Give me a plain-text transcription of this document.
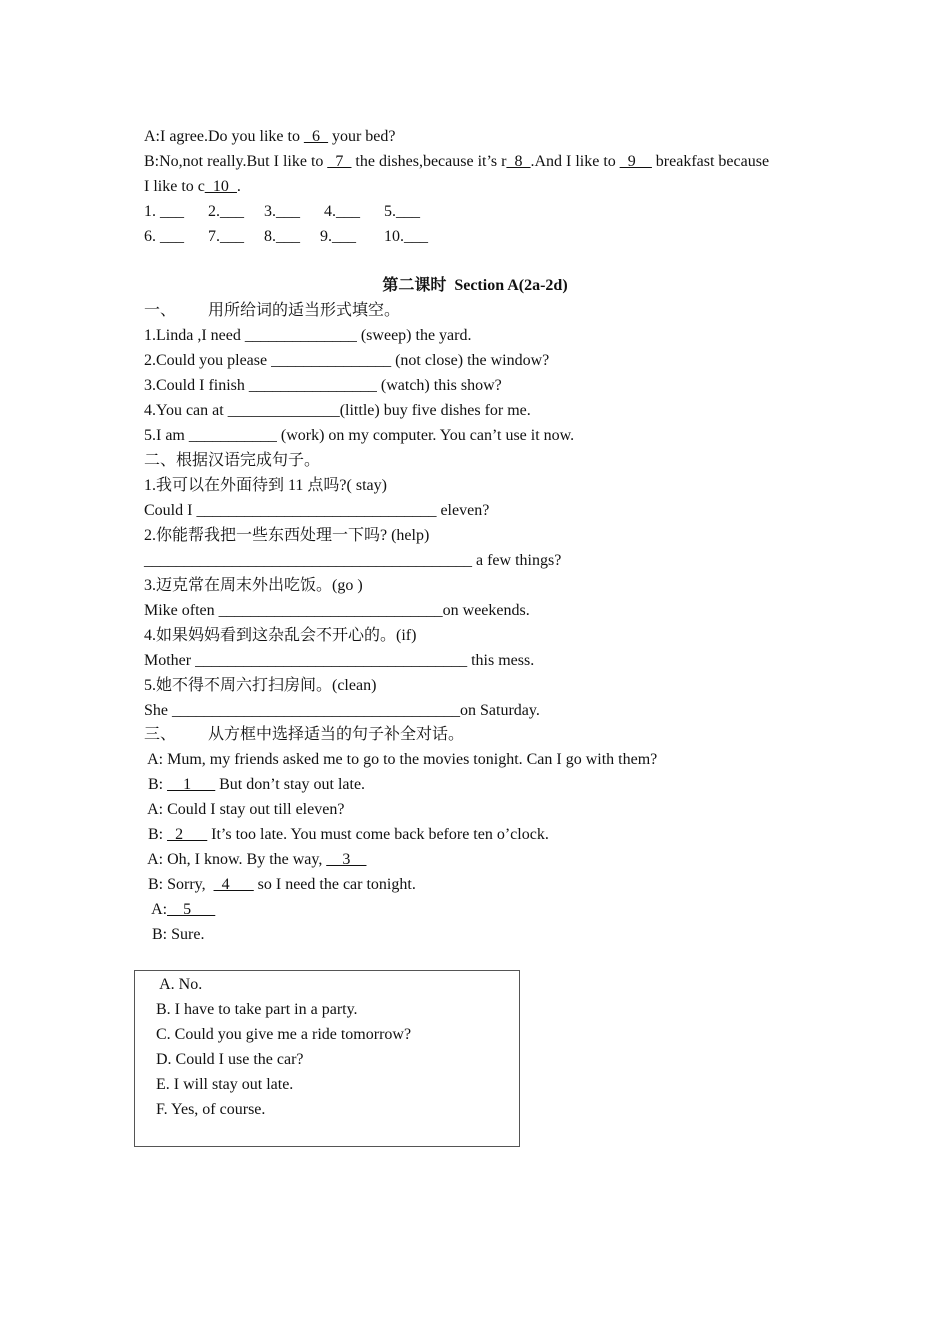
A:I agree.Do you like to _6_ your bed?
B:No,not really.But I like to _7_ the dishes,because it’s r_8_.And I like to _9__ breakfast because
I like to c_10_.
1. ___      2.___     3.___      4.___      5.___
6. ___      7.___     8.___     9.___       10.___
第二课时  Section A(2a-2d)
一、        用所给词的适当形式填空。
1.Linda ,I need ______________ (sweep) the yard.
2.Could you please _______________ (not close) the window?
3.Could I finish ________________ (watch) this show?
4.You can at ______________(little) buy five dishes for me.
5.I am ___________ (work) on my computer. You can’t use it now.
二、根据汉语完成句子。
1.我可以在外面待到 11 点吗?( stay)
Could I ______________________________ eleven?
2.你能帮我把一些东西处理一下吗? (help)
_________________________________________ a few things?
3.迈克常在周末外出吃饭。(go )
Mike often ____________________________on weekends.
4.如果妈妈看到这杂乱会不开心的。(if)
Mother __________________________________ this mess.
5.她不得不周六打扫房间。(clean)
She ____________________________________on Saturday.
三、        从方框中选择适当的句子补全对话。
A: Mum, my friends asked me to go to the movies tonight. Can I go with them?
B: __1___ But don’t stay out late.
A: Could I stay out till eleven?
B: _2___ It’s too late. You must come back before ten o’clock.
A: Oh, I know. By the way, __3__
B: Sorry,  _4___ so I need the car tonight.
A:__5___
B: Sure.
A. No.
B. I have to take part in a party.
C. Could you give me a ride tomorrow?
D. Could I use the car?
E. I will stay out late.
F. Yes, of course.
